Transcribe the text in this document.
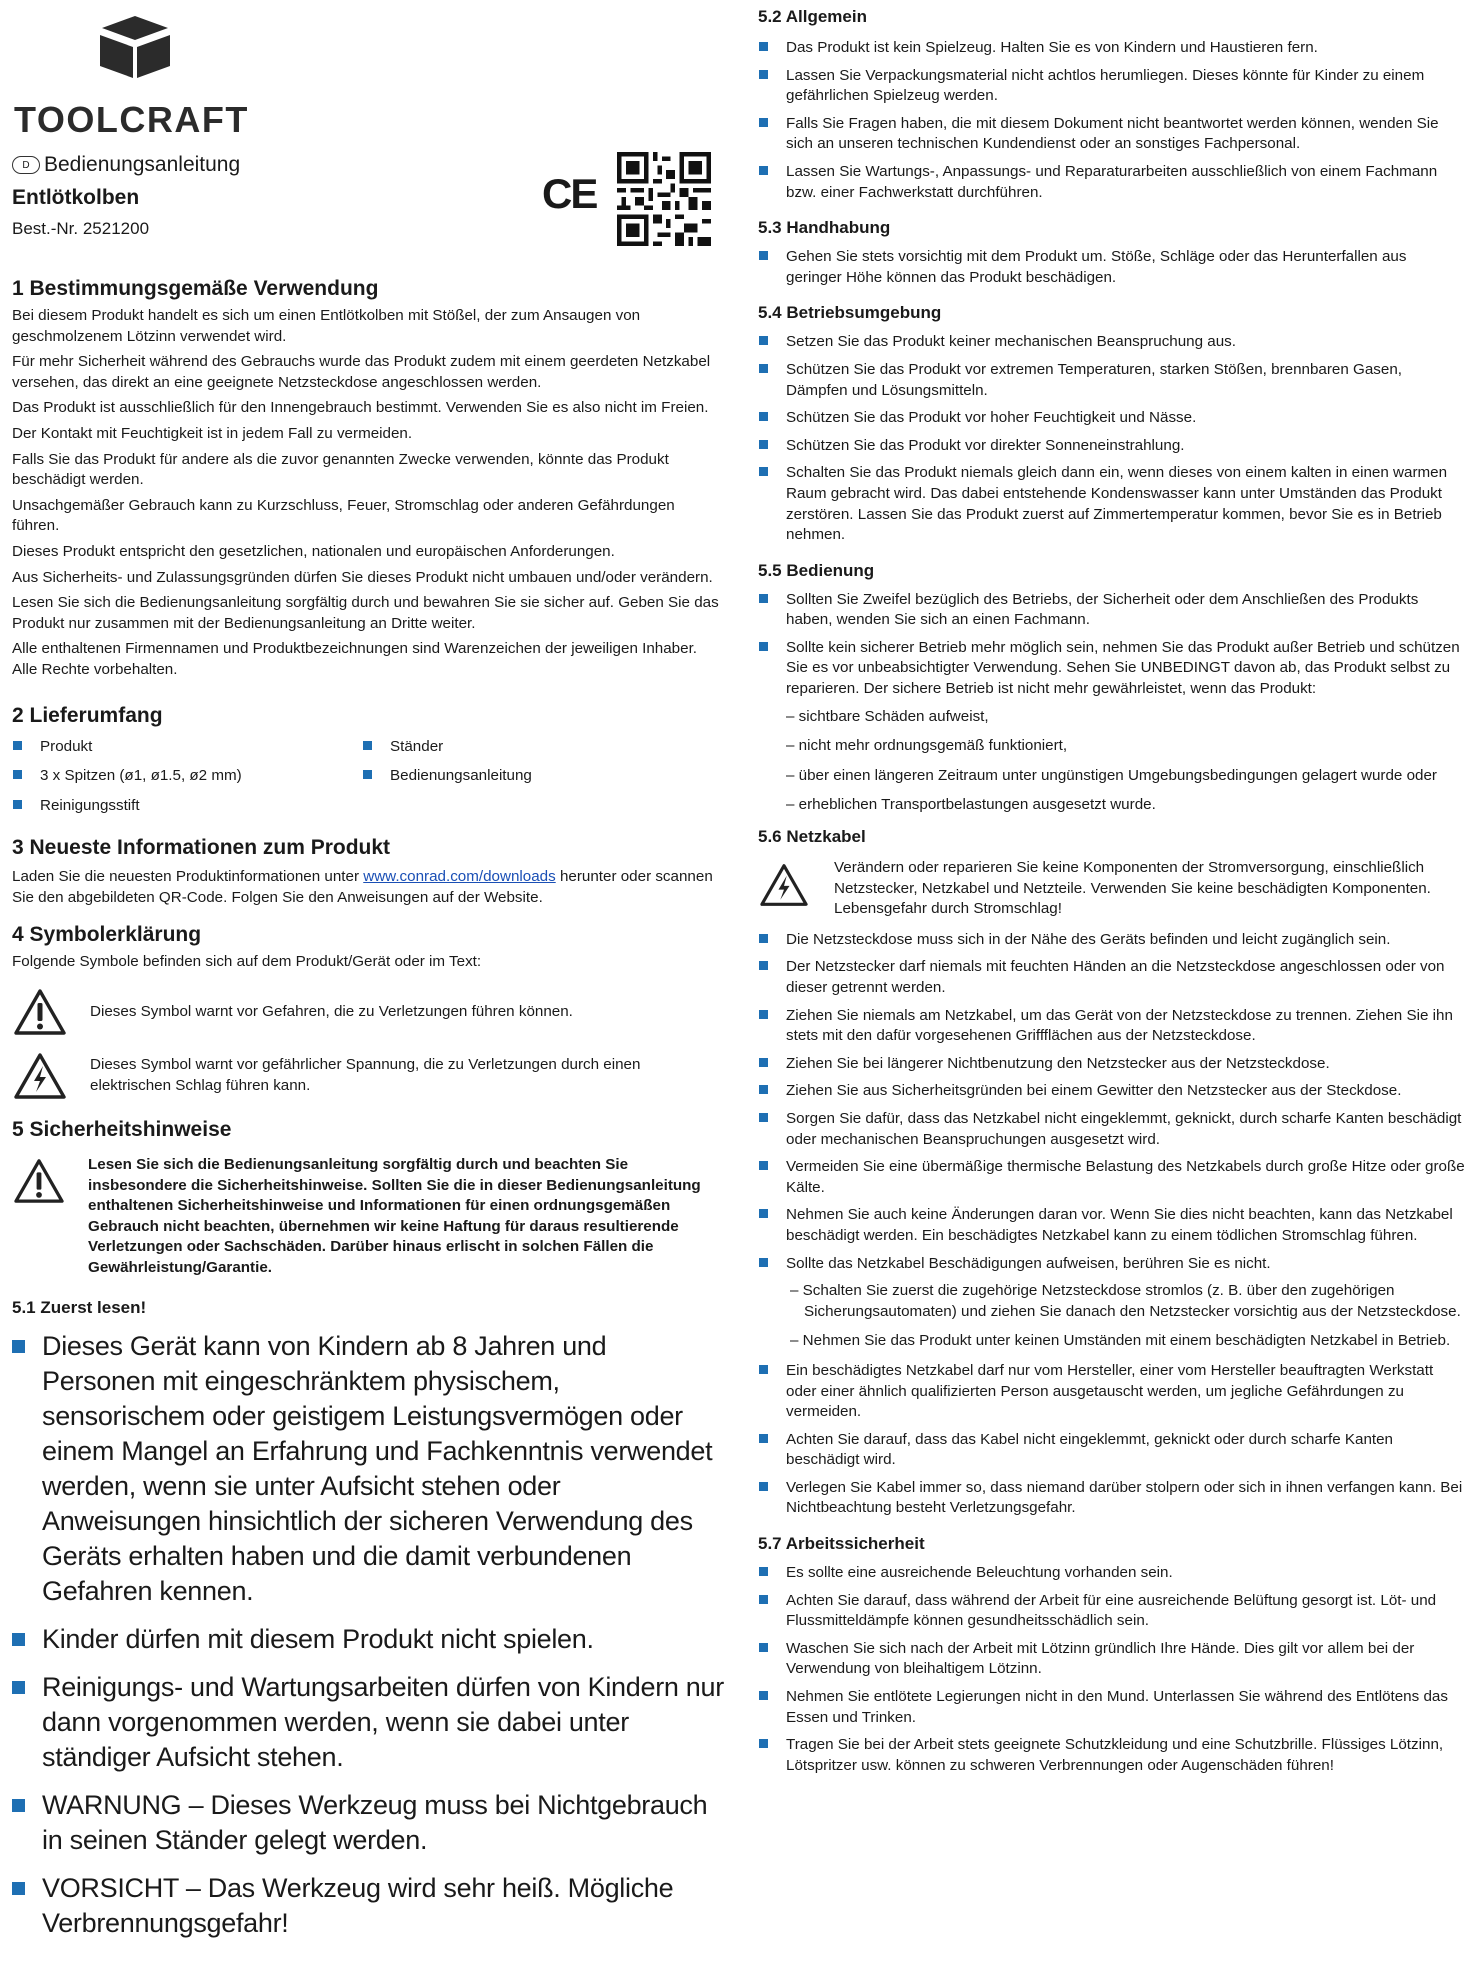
TOOLCRAFT
D Bedienungsanleitung
Entlötkolben
Best.-Nr. 2521200
CE
1 Bestimmungsgemäße Verwendung

Bei diesem Produkt handelt es sich um einen Entlötkolben mit Stößel, der zum Ansaugen von geschmolzenem Lötzinn verwendet wird.

Für mehr Sicherheit während des Gebrauchs wurde das Produkt zudem mit einem geerdeten Netzkabel versehen, das direkt an eine geeignete Netzsteckdose angeschlossen werden.

Das Produkt ist ausschließlich für den Innengebrauch bestimmt. Verwenden Sie es also nicht im Freien.

Der Kontakt mit Feuchtigkeit ist in jedem Fall zu vermeiden.

Falls Sie das Produkt für andere als die zuvor genannten Zwecke verwenden, könnte das Produkt beschädigt werden.

Unsachgemäßer Gebrauch kann zu Kurzschluss, Feuer, Stromschlag oder anderen Gefährdungen führen.

Dieses Produkt entspricht den gesetzlichen, nationalen und europäischen Anforderungen.

Aus Sicherheits- und Zulassungsgründen dürfen Sie dieses Produkt nicht umbauen und/oder verändern.

Lesen Sie sich die Bedienungsanleitung sorgfältig durch und bewahren Sie sie sicher auf. Geben Sie das Produkt nur zusammen mit der Bedienungsanleitung an Dritte weiter.

Alle enthaltenen Firmennamen und Produktbezeichnungen sind Warenzeichen der jeweiligen Inhaber. Alle Rechte vorbehalten.

2 Lieferumfang
Produkt
3 x Spitzen (ø1, ø1.5, ø2 mm)
Reinigungsstift
Ständer
Bedienungsanleitung
3 Neueste Informationen zum Produkt

Laden Sie die neuesten Produktinformationen unter www.conrad.com/downloads herunter oder scannen Sie den abgebildeten QR-Code. Folgen Sie den Anweisungen auf der Website.

4 Symbolerklärung

Folgende Symbole befinden sich auf dem Produkt/Gerät oder im Text:

Dieses Symbol warnt vor Gefahren, die zu Verletzungen führen können.
Dieses Symbol warnt vor gefährlicher Spannung, die zu Verletzungen durch einen elektrischen Schlag führen kann.
5 Sicherheitshinweise

Lesen Sie sich die Bedienungsanleitung sorgfältig durch und beachten Sie insbesondere die Sicherheitshinweise. Sollten Sie die in dieser Bedienungsanleitung enthaltenen Sicherheitshinweise und Informationen für einen ordnungsgemäßen Gebrauch nicht beachten, übernehmen wir keine Haftung für daraus resultierende Verletzungen oder Sachschäden. Darüber hinaus erlischt in solchen Fällen die Gewährleistung/Garantie.

5.1 Zuerst lesen!
Dieses Gerät kann von Kindern ab 8 Jahren und Personen mit eingeschränktem physischem, sensorischem oder geistigem Leistungsvermögen oder einem Mangel an Erfahrung und Fachkenntnis verwendet werden, wenn sie unter Aufsicht stehen oder Anweisungen hinsichtlich der sicheren Verwendung des Geräts erhalten haben und die damit verbundenen Gefahren kennen.
Kinder dürfen mit diesem Produkt nicht spielen.
Reinigungs- und Wartungsarbeiten dürfen von Kindern nur dann vorgenommen werden, wenn sie dabei unter ständiger Aufsicht stehen.
WARNUNG – Dieses Werkzeug muss bei Nichtgebrauch in seinen Ständer gelegt werden.
VORSICHT – Das Werkzeug wird sehr heiß. Mögliche Verbrennungsgefahr!
5.2 Allgemein
Das Produkt ist kein Spielzeug. Halten Sie es von Kindern und Haustieren fern.
Lassen Sie Verpackungsmaterial nicht achtlos herumliegen. Dieses könnte für Kinder zu einem gefährlichen Spielzeug werden.
Falls Sie Fragen haben, die mit diesem Dokument nicht beantwortet werden können, wenden Sie sich an unseren technischen Kundendienst oder an sonstiges Fachpersonal.
Lassen Sie Wartungs-, Anpassungs- und Reparaturarbeiten ausschließlich von einem Fachmann bzw. einer Fachwerkstatt durchführen.
5.3 Handhabung
Gehen Sie stets vorsichtig mit dem Produkt um. Stöße, Schläge oder das Herunterfallen aus geringer Höhe können das Produkt beschädigen.
5.4 Betriebsumgebung
Setzen Sie das Produkt keiner mechanischen Beanspruchung aus.
Schützen Sie das Produkt vor extremen Temperaturen, starken Stößen, brennbaren Gasen, Dämpfen und Lösungsmitteln.
Schützen Sie das Produkt vor hoher Feuchtigkeit und Nässe.
Schützen Sie das Produkt vor direkter Sonneneinstrahlung.
Schalten Sie das Produkt niemals gleich dann ein, wenn dieses von einem kalten in einen warmen Raum gebracht wird. Das dabei entstehende Kondenswasser kann unter Umständen das Produkt zerstören. Lassen Sie das Produkt zuerst auf Zimmertemperatur kommen, bevor Sie es in Betrieb nehmen.
5.5 Bedienung
Sollten Sie Zweifel bezüglich des Betriebs, der Sicherheit oder dem Anschließen des Produkts haben, wenden Sie sich an einen Fachmann.
Sollte kein sicherer Betrieb mehr möglich sein, nehmen Sie das Produkt außer Betrieb und schützen Sie es vor unbeabsichtigter Verwendung. Sehen Sie UNBEDINGT davon ab, das Produkt selbst zu reparieren. Der sichere Betrieb ist nicht mehr gewährleistet, wenn das Produkt:
– sichtbare Schäden aufweist,
– nicht mehr ordnungsgemäß funktioniert,
– über einen längeren Zeitraum unter ungünstigen Umgebungsbedingungen gelagert wurde oder
– erheblichen Transportbelastungen ausgesetzt wurde.
5.6 Netzkabel

Verändern oder reparieren Sie keine Komponenten der Stromversorgung, einschließlich Netzstecker, Netzkabel und Netzteile. Verwenden Sie keine beschädigten Komponenten. Lebensgefahr durch Stromschlag!

Die Netzsteckdose muss sich in der Nähe des Geräts befinden und leicht zugänglich sein.
Der Netzstecker darf niemals mit feuchten Händen an die Netzsteckdose angeschlossen oder von dieser getrennt werden.
Ziehen Sie niemals am Netzkabel, um das Gerät von der Netzsteckdose zu trennen. Ziehen Sie ihn stets mit den dafür vorgesehenen Griffflächen aus der Netzsteckdose.
Ziehen Sie bei längerer Nichtbenutzung den Netzstecker aus der Netzsteckdose.
Ziehen Sie aus Sicherheitsgründen bei einem Gewitter den Netzstecker aus der Steckdose.
Sorgen Sie dafür, dass das Netzkabel nicht eingeklemmt, geknickt, durch scharfe Kanten beschädigt oder mechanischen Beanspruchungen ausgesetzt wird.
Vermeiden Sie eine übermäßige thermische Belastung des Netzkabels durch große Hitze oder große Kälte.
Nehmen Sie auch keine Änderungen daran vor. Wenn Sie dies nicht beachten, kann das Netzkabel beschädigt werden. Ein beschädigtes Netzkabel kann zu einem tödlichen Stromschlag führen.
Sollte das Netzkabel Beschädigungen aufweisen, berühren Sie es nicht.
– Schalten Sie zuerst die zugehörige Netzsteckdose stromlos (z. B. über den zugehörigen Sicherungsautomaten) und ziehen Sie danach den Netzstecker vorsichtig aus der Netzsteckdose.
– Nehmen Sie das Produkt unter keinen Umständen mit einem beschädigten Netzkabel in Betrieb.
Ein beschädigtes Netzkabel darf nur vom Hersteller, einer vom Hersteller beauftragten Werkstatt oder einer ähnlich qualifizierten Person ausgetauscht werden, um jegliche Gefährdungen zu vermeiden.
Achten Sie darauf, dass das Kabel nicht eingeklemmt, geknickt oder durch scharfe Kanten beschädigt wird.
Verlegen Sie Kabel immer so, dass niemand darüber stolpern oder sich in ihnen verfangen kann. Bei Nichtbeachtung besteht Verletzungsgefahr.
5.7 Arbeitssicherheit
Es sollte eine ausreichende Beleuchtung vorhanden sein.
Achten Sie darauf, dass während der Arbeit für eine ausreichende Belüftung gesorgt ist. Löt- und Flussmitteldämpfe können gesundheitsschädlich sein.
Waschen Sie sich nach der Arbeit mit Lötzinn gründlich Ihre Hände. Dies gilt vor allem bei der Verwendung von bleihaltigem Lötzinn.
Nehmen Sie entlötete Legierungen nicht in den Mund. Unterlassen Sie während des Entlötens das Essen und Trinken.
Tragen Sie bei der Arbeit stets geeignete Schutzkleidung und eine Schutzbrille. Flüssiges Lötzinn, Lötspritzer usw. können zu schweren Verbrennungen oder Augenschäden führen!
